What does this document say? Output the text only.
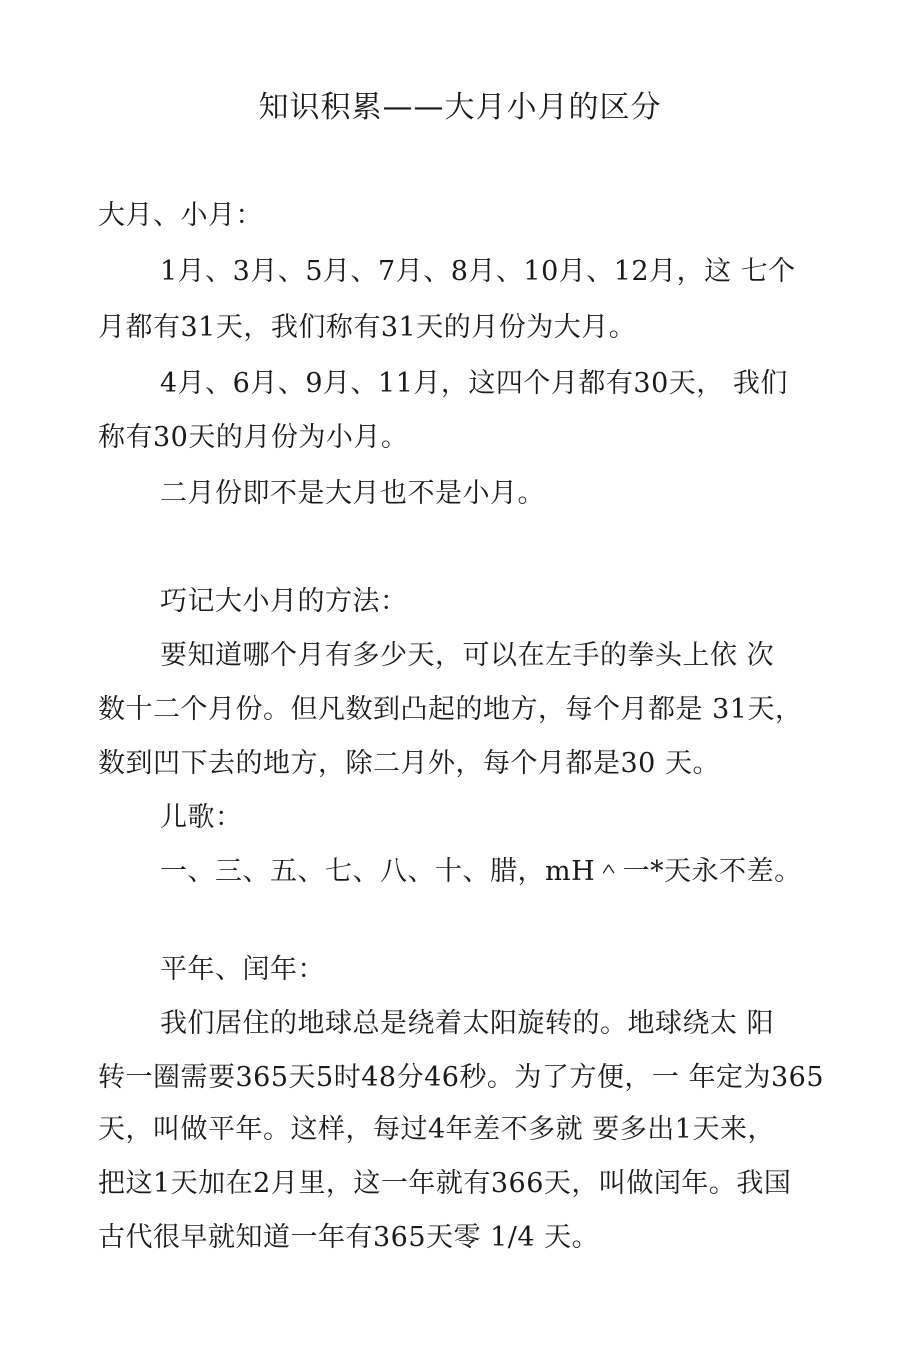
知识积累——大月小月的区分
大月、小月：
1月、3月、5月、7月、8月、10月、12月，这 七个
月都有31天，我们称有31天的月份为大月。
4月、6月、9月、11月，这四个月都有30天， 我们
称有30天的月份为小月。
二月份即不是大月也不是小月。
巧记大小月的方法：
要知道哪个月有多少天，可以在左手的拳头上依 次
数十二个月份。但凡数到凸起的地方，每个月都是 31天，
数到凹下去的地方，除二月外，每个月都是30 天。
儿歌：
一、三、五、七、八、十、腊，mH＾一*天永不差。
平年、闰年：
我们居住的地球总是绕着太阳旋转的。地球绕太 阳
转一圈需要365天5时48分46秒。为了方便，一 年定为365
天，叫做平年。这样，每过4年差不多就 要多出1天来，
把这1天加在2月里，这一年就有366天，叫做闰年。我国
古代很早就知道一年有365天零 1/4 天。
